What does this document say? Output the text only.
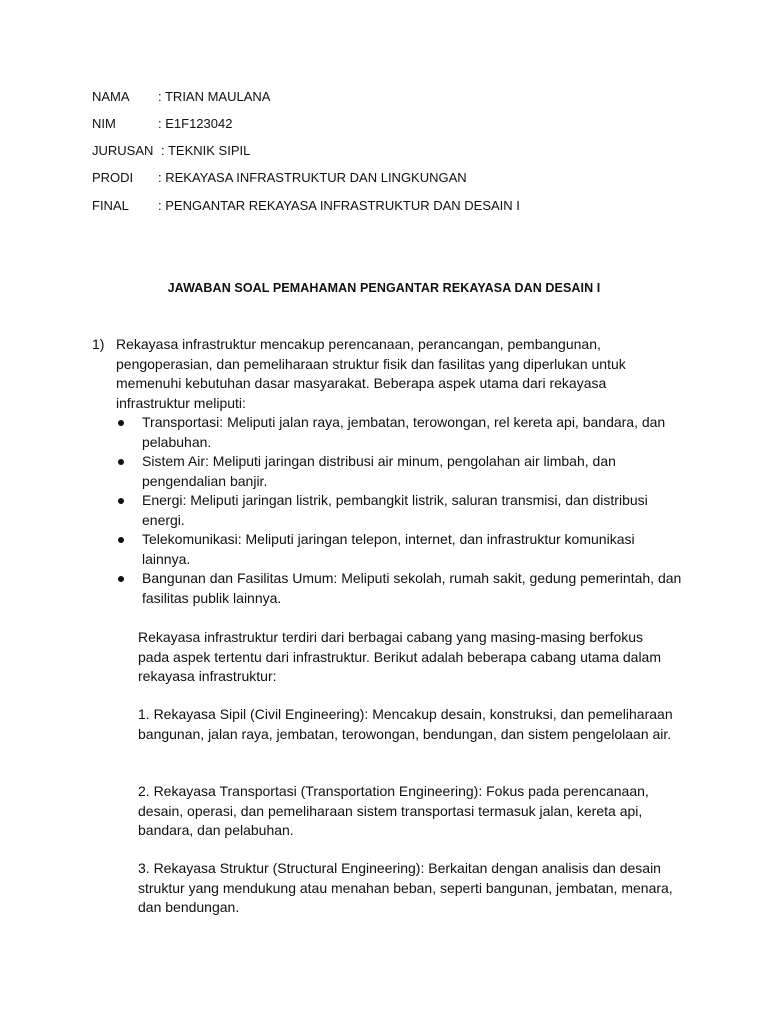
NAMA : TRIAN MAULANA
NIM	: E1F123042
JURUSAN : TEKNIK SIPIL
PRODI : REKAYASA INFRASTRUKTUR DAN LINGKUNGAN
FINAL : PENGANTAR REKAYASA INFRASTRUKTUR DAN DESAIN I
JAWABAN SOAL PEMAHAMAN PENGANTAR REKAYASA DAN DESAIN I
1) Rekayasa infrastruktur mencakup perencanaan, perancangan, pembangunan, pengoperasian, dan pemeliharaan struktur fisik dan fasilitas yang diperlukan untuk memenuhi kebutuhan dasar masyarakat. Beberapa aspek utama dari rekayasa infrastruktur meliputi:
Transportasi: Meliputi jalan raya, jembatan, terowongan, rel kereta api, bandara, dan pelabuhan.
Sistem Air: Meliputi jaringan distribusi air minum, pengolahan air limbah, dan pengendalian banjir.
Energi: Meliputi jaringan listrik, pembangkit listrik, saluran transmisi, dan distribusi energi.
Telekomunikasi: Meliputi jaringan telepon, internet, dan infrastruktur komunikasi lainnya.
Bangunan dan Fasilitas Umum: Meliputi sekolah, rumah sakit, gedung pemerintah, dan fasilitas publik lainnya.

Rekayasa infrastruktur terdiri dari berbagai cabang yang masing-masing berfokus pada aspek tertentu dari infrastruktur. Berikut adalah beberapa cabang utama dalam rekayasa infrastruktur:

1. Rekayasa Sipil (Civil Engineering): Mencakup desain, konstruksi, dan pemeliharaan bangunan, jalan raya, jembatan, terowongan, bendungan, dan sistem pengelolaan air.

2. Rekayasa Transportasi (Transportation Engineering): Fokus pada perencanaan, desain, operasi, dan pemeliharaan sistem transportasi termasuk jalan, kereta api, bandara, dan pelabuhan.

3. Rekayasa Struktur (Structural Engineering): Berkaitan dengan analisis dan desain struktur yang mendukung atau menahan beban, seperti bangunan, jembatan, menara, dan bendungan.
